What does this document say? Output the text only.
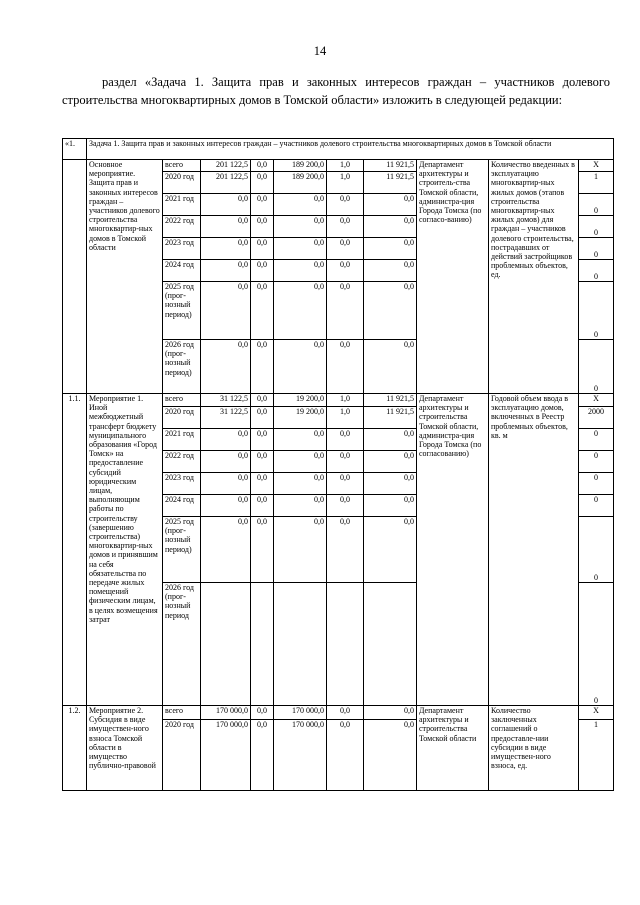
14
раздел «Задача 1. Защита прав и законных интересов граждан – участников долевого строительства многоквартирных домов в Томской области» изложить в следующей редакции:
«1.	Задача 1. Защита прав и законных интересов граждан – участников долевого строительства многоквартирных домов в Томской области									
	Основное мероприятие. Защита прав и законных интересов граждан – участников долевого строительства многоквартир-ных домов в Томской области	всего	201 122,5	0,0	189 200,0	1,0	11 921,5	Департамент архитектуры и строитель-ства Томской области, администра-ция Города Томска (по согласо-ванию)	Количество введенных в эксплуатацию многоквартир-ных жилых домов (этапов строительства многоквартир-ных жилых домов) для граждан – участников долевого строительства, пострадавших от действий застройщиков проблемных объектов, ед.	Х
		2020 год	201 122,5	0,0	189 200,0	1,0	11 921,5			1
		2021 год	0,0	0,0	0,0	0,0	0,0			0
		2022 год	0,0	0,0	0,0	0,0	0,0			0
		2023 год	0,0	0,0	0,0	0,0	0,0			0
		2024 год	0,0	0,0	0,0	0,0	0,0			0
		2025 год (прог-нозный период)	0,0	0,0	0,0	0,0	0,0			0
		2026 год (прог-нозный период)	0,0	0,0	0,0	0,0	0,0			0
1.1.	Мероприятие 1. Иной межбюджетный трансферт бюджету муниципального образования «Город Томск» на предоставление субсидий юридическим лицам, выполняющим работы по строительству (завершению строительства) многоквартир-ных домов и принявшим на себя обязательства по передаче жилых помещений физическим лицам, в целях возмещения затрат	всего	31 122,5	0,0	19 200,0	1,0	11 921,5	Департамент архитектуры и строительства Томской области, администра-ция Города Томска (по согласованию)	Годовой объем ввода в эксплуатацию домов, включенных в Реестр проблемных объектов, кв. м	Х
		2020 год	31 122,5	0,0	19 200,0	1,0	11 921,5			2000
		2021 год	0,0	0,0	0,0	0,0	0,0			0
		2022 год	0,0	0,0	0,0	0,0	0,0			0
		2023 год	0,0	0,0	0,0	0,0	0,0			0
		2024 год	0,0	0,0	0,0	0,0	0,0			0
		2025 год (прог-нозный период)	0,0	0,0	0,0	0,0	0,0			0
		2026 год (прог-нозный период								0
1.2.	Мероприятие 2. Субсидия в виде имуществен-ного взноса Томской области в имущество публично-правовой	всего	170 000,0	0,0	170 000,0	0,0	0,0	Департамент архитектуры и строительства Томской области	Количество заключенных соглашений о предоставле-нии субсидии в виде имуществен-ного взноса, ед.	Х
		2020 год	170 000,0	0,0	170 000,0	0,0	0,0			1
